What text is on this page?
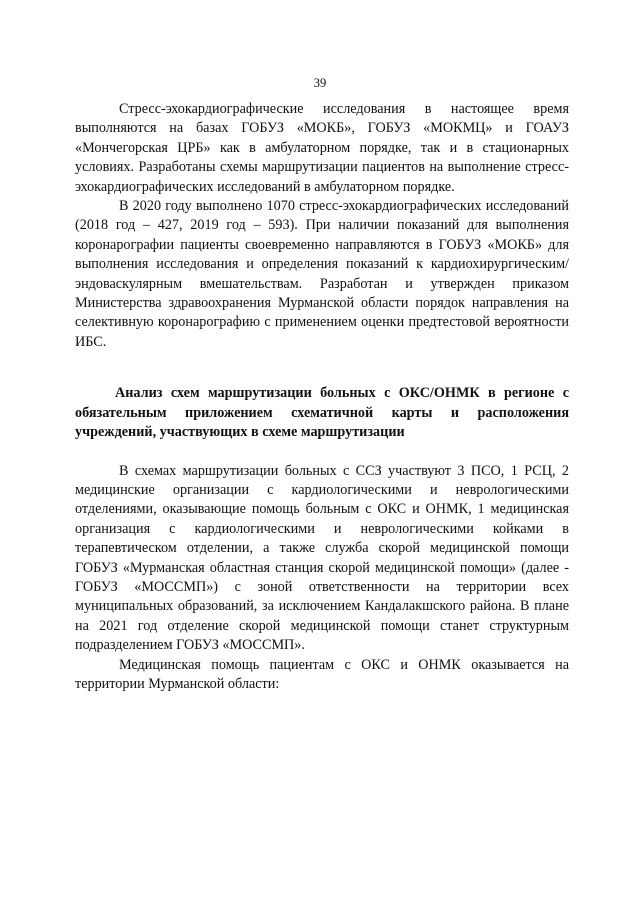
39

Стресс-эхокардиографические исследования в настоящее время выполняются на базах ГОБУЗ «МОКБ», ГОБУЗ «МОКМЦ» и ГОАУЗ «Мончегорская ЦРБ» как в амбулаторном порядке, так и в стационарных условиях. Разработаны схемы маршрутизации пациентов на выполнение стресс-эхокардиографических исследований в амбулаторном порядке.

В 2020 году выполнено 1070 стресс-эхокардиографических исследований (2018 год – 427, 2019 год – 593). При наличии показаний для выполнения коронарографии пациенты своевременно направляются в ГОБУЗ «МОКБ» для выполнения исследования и определения показаний к кардиохирургическим/эндоваскулярным вмешательствам. Разработан и утвержден приказом Министерства здравоохранения Мурманской области порядок направления на селективную коронарографию с применением оценки предтестовой вероятности ИБС.

Анализ схем маршрутизации больных с ОКС/ОНМК в регионе с обязательным приложением схематичной карты и расположения учреждений, участвующих в схеме маршрутизации

В схемах маршрутизации больных с ССЗ участвуют 3 ПСО, 1 РСЦ, 2 медицинские организации с кардиологическими и неврологическими отделениями, оказывающие помощь больным с ОКС и ОНМК, 1 медицинская организация с кардиологическими и неврологическими койками в терапевтическом отделении, а также служба скорой медицинской помощи ГОБУЗ «Мурманская областная станция скорой медицинской помощи» (далее - ГОБУЗ «МОССМП») с зоной ответственности на территории всех муниципальных образований, за исключением Кандалакшского района. В плане на 2021 год отделение скорой медицинской помощи станет структурным подразделением ГОБУЗ «МОССМП».

Медицинская помощь пациентам с ОКС и ОНМК оказывается на территории Мурманской области:
